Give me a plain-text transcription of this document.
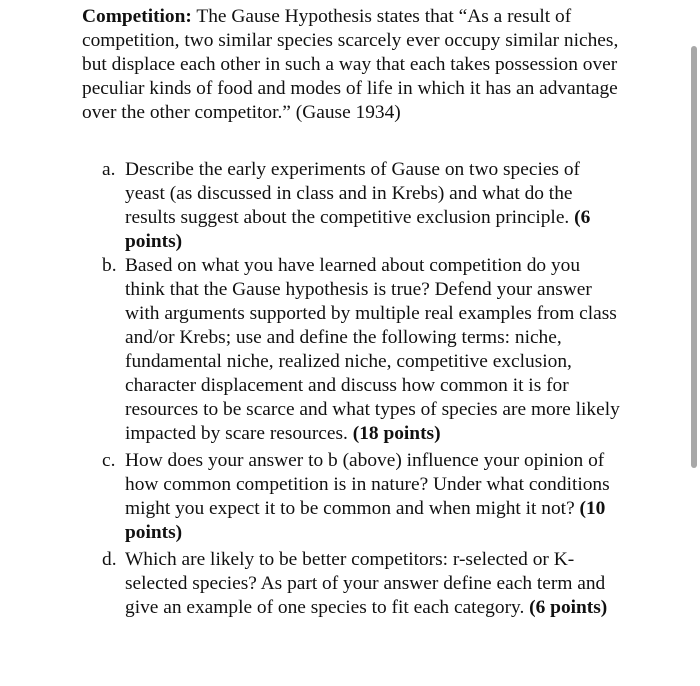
Competition: The Gause Hypothesis states that “As a result of competition, two similar species scarcely ever occupy similar niches, but displace each other in such a way that each takes possession over peculiar kinds of food and modes of life in which it has an advantage over the other competitor.” (Gause 1934)

a. Describe the early experiments of Gause on two species of yeast (as discussed in class and in Krebs) and what do the results suggest about the competitive exclusion principle. (6 points)
b. Based on what you have learned about competition do you think that the Gause hypothesis is true? Defend your answer with arguments supported by multiple real examples from class and/or Krebs; use and define the following terms: niche, fundamental niche, realized niche, competitive exclusion, character displacement and discuss how common it is for resources to be scarce and what types of species are more likely impacted by scare resources. (18 points)
c. How does your answer to b (above) influence your opinion of how common competition is in nature? Under what conditions might you expect it to be common and when might it not? (10 points)
d. Which are likely to be better competitors: r-selected or K-selected species? As part of your answer define each term and give an example of one species to fit each category. (6 points)
